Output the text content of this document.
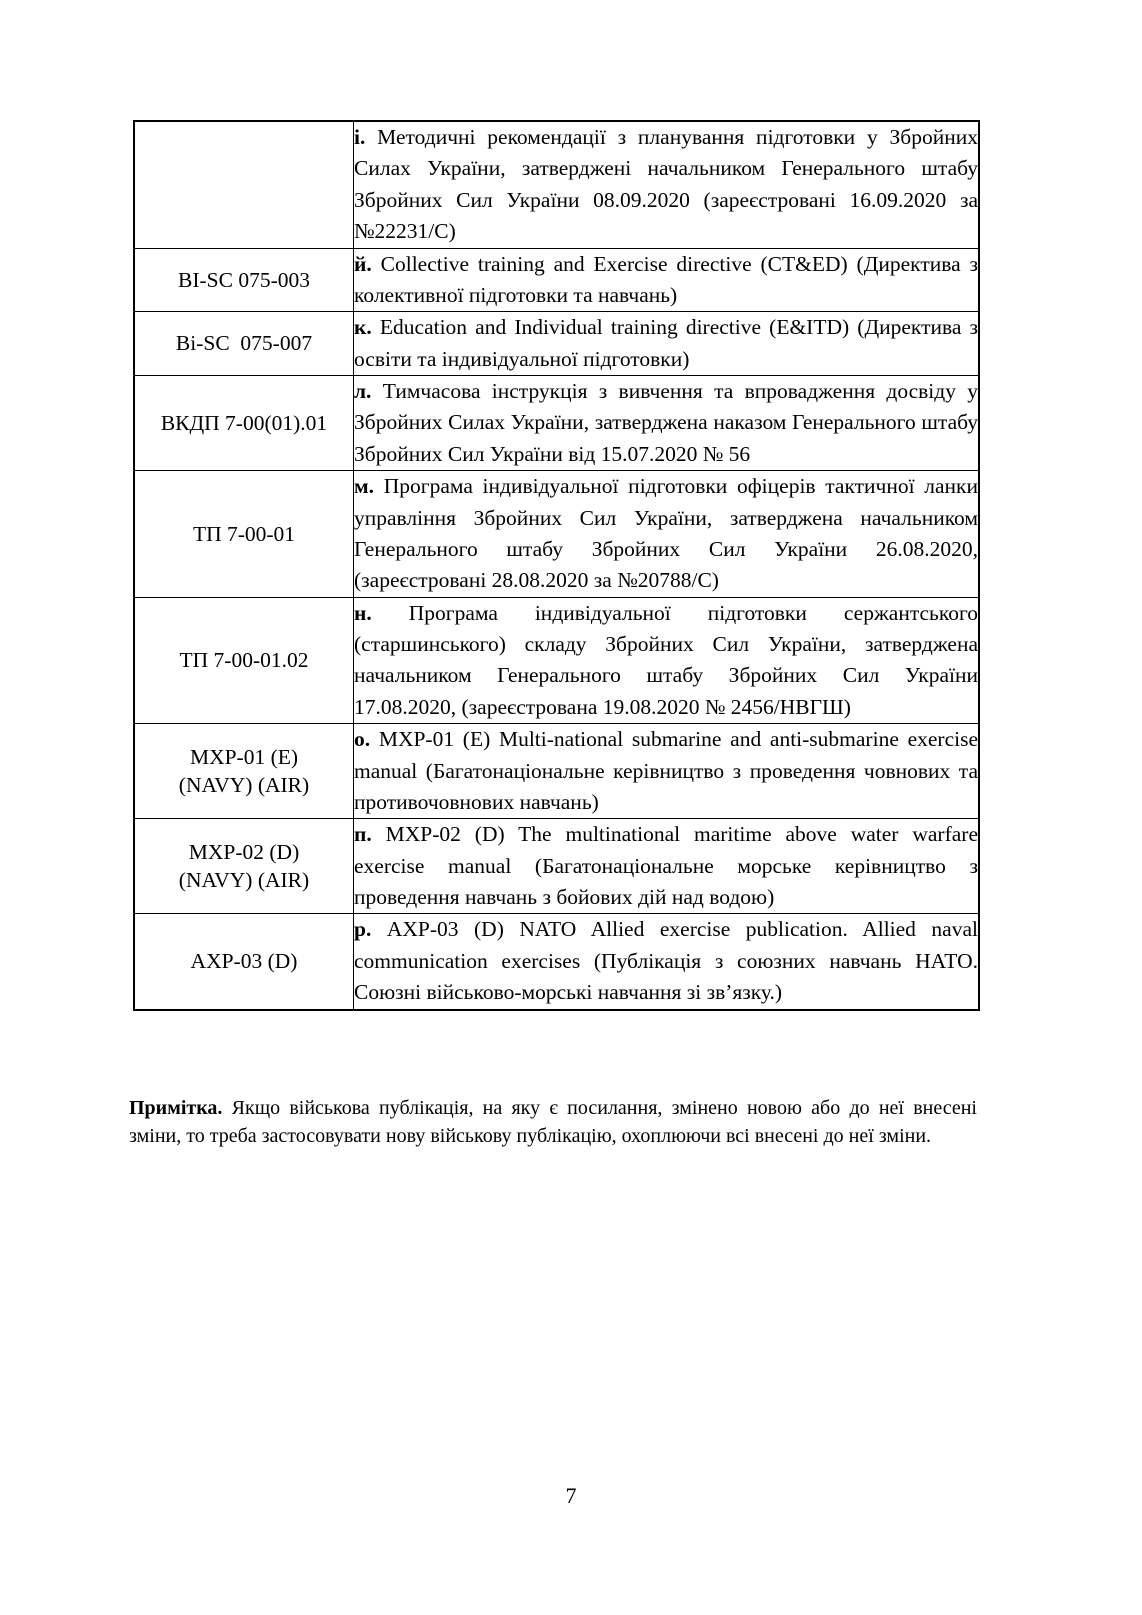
	і. Методичні рекомендації з планування підготовки у Збройних Силах України, затверджені начальником Генерального штабу Збройних Сил України 08.09.2020 (зареєстровані 16.09.2020 за №22231/С)

BI-SC 075-003	й. Collective training and Exercise directive (CT&ED) (Директива з колективної підготовки та навчань)

Bi-SC  075-007	к. Education and Individual training directive (E&ITD) (Директива з освіти та індивідуальної підготовки)

ВКДП 7-00(01).01	л. Тимчасова інструкція з вивчення та впровадження досвіду у Збройних Силах України, затверджена наказом Генерального штабу Збройних Сил України від 15.07.2020 № 56

ТП 7-00-01	м. Програма індивідуальної підготовки офіцерів тактичної ланки управління Збройних Сил України, затверджена начальником Генерального штабу Збройних Сил України 26.08.2020, (зареєстровані 28.08.2020 за №20788/С)

ТП 7-00-01.02	н. Програма індивідуальної підготовки сержантського (старшинського) складу Збройних Сил України, затверджена начальником Генерального штабу Збройних Сил України 17.08.2020, (зареєстрована 19.08.2020 № 2456/НВГШ)

MXP-01 (E)
(NAVY) (AIR)	о. MXP-01 (E) Multi-national submarine and anti-submarine exercise manual (Багатонаціональне керівництво з проведення човнових та противочовнових навчань)

MXP-02 (D)
(NAVY) (AIR)	п. MXP-02 (D) The multinational maritime above water warfare exercise manual (Багатонаціональне морське керівництво з проведення навчань з бойових дій над водою)

AXP-03 (D)	р. AXP-03 (D) NATO Allied exercise publication. Allied naval communication exercises (Публікація з союзних навчань НАТО. Союзні військово-морські навчання зі зв’язку.)
Примітка. Якщо військова публікація, на яку є посилання, змінено новою або до неї внесені зміни, то треба застосовувати нову військову публікацію, охоплюючи всі внесені до неї зміни.
7
